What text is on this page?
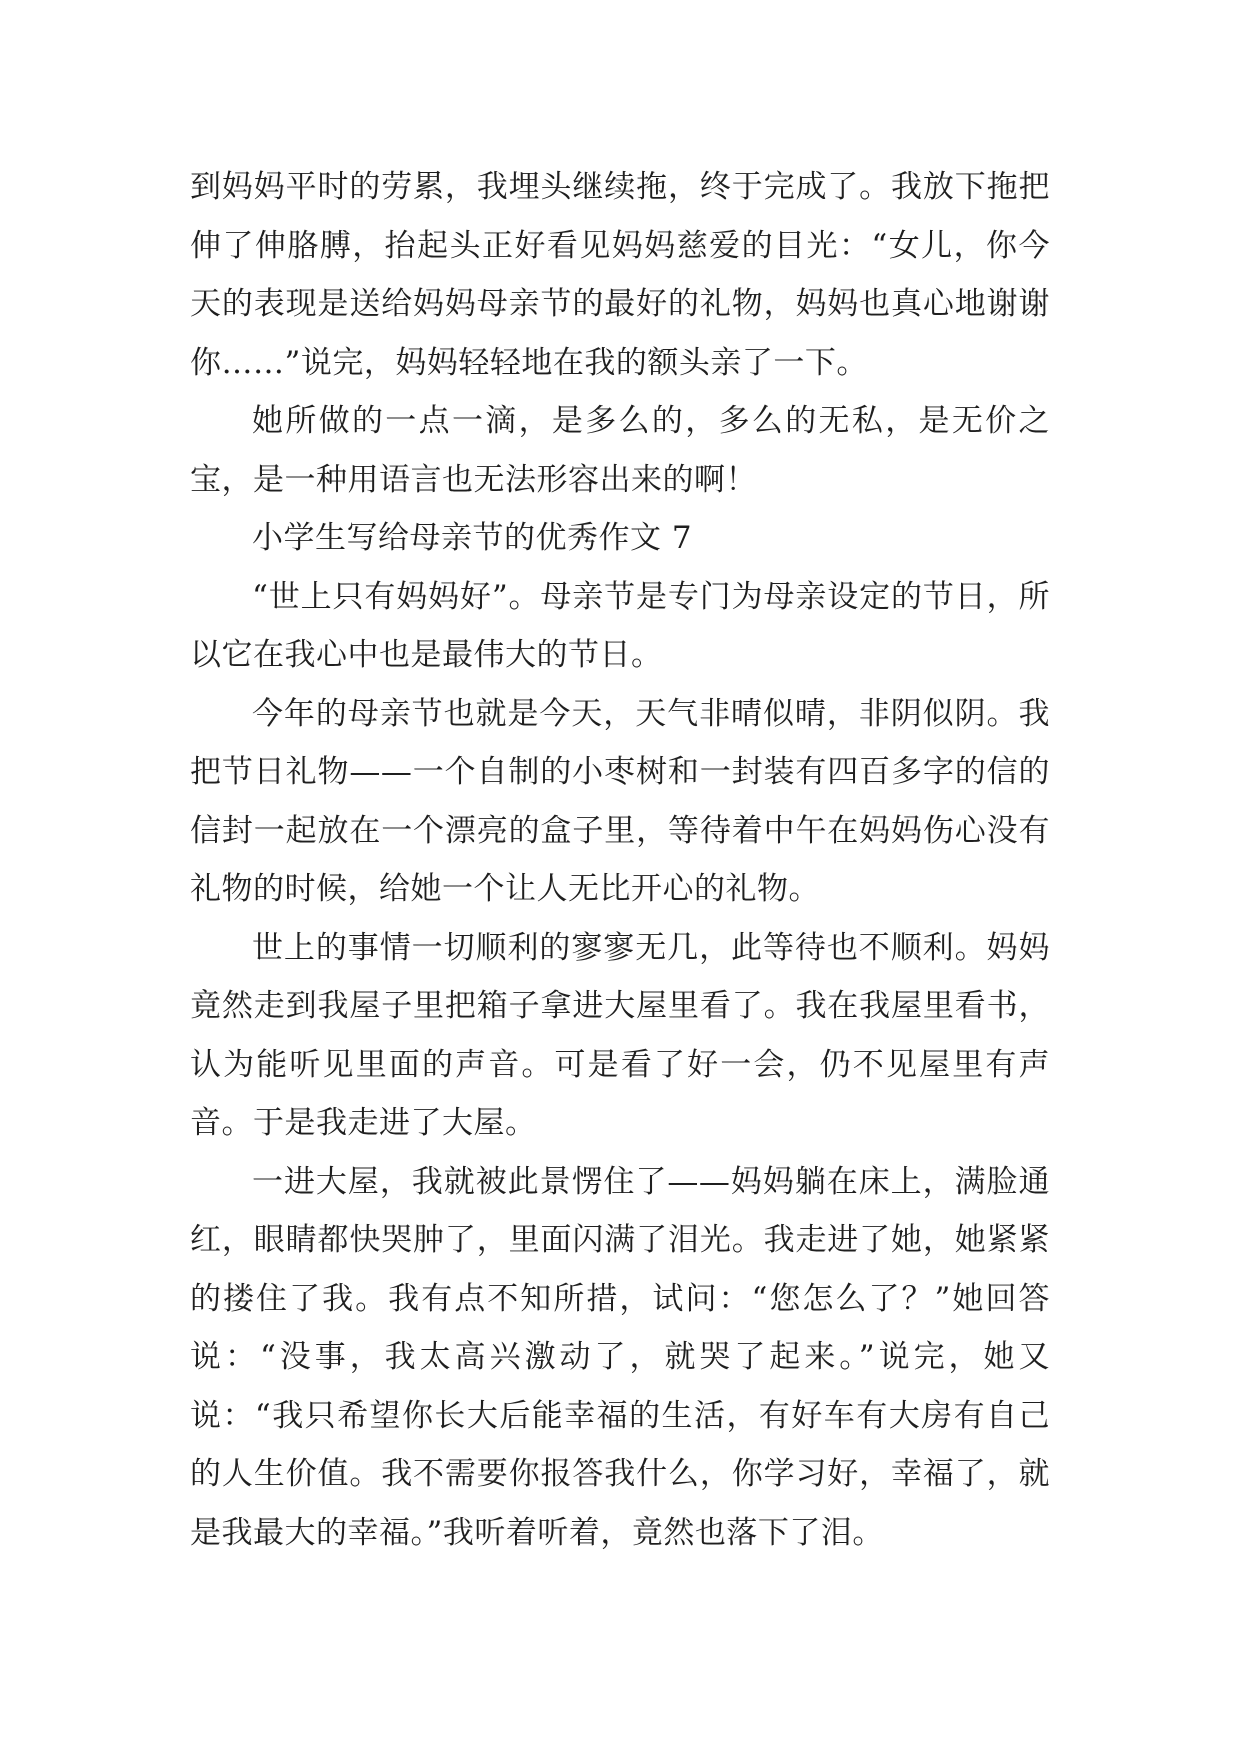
到妈妈平时的劳累，我埋头继续拖，终于完成了。我放下拖把伸了伸胳膊，抬起头正好看见妈妈慈爱的目光：“女儿，你今天的表现是送给妈妈母亲节的最好的礼物，妈妈也真心地谢谢你……”说完，妈妈轻轻地在我的额头亲了一下。

她所做的一点一滴，是多么的，多么的无私，是无价之宝，是一种用语言也无法形容出来的啊！

小学生写给母亲节的优秀作文 7

“世上只有妈妈好”。母亲节是专门为母亲设定的节日，所以它在我心中也是最伟大的节日。

今年的母亲节也就是今天，天气非晴似晴，非阴似阴。我把节日礼物——一个自制的小枣树和一封装有四百多字的信的信封一起放在一个漂亮的盒子里，等待着中午在妈妈伤心没有礼物的时候，给她一个让人无比开心的礼物。

世上的事情一切顺利的寥寥无几，此等待也不顺利。妈妈竟然走到我屋子里把箱子拿进大屋里看了。我在我屋里看书，认为能听见里面的声音。可是看了好一会，仍不见屋里有声音。于是我走进了大屋。

一进大屋，我就被此景愣住了——妈妈躺在床上，满脸通红，眼睛都快哭肿了，里面闪满了泪光。我走进了她，她紧紧的搂住了我。我有点不知所措，试问：“您怎么了？”她回答说：“没事，我太高兴激动了，就哭了起来。”说完，她又说：“我只希望你长大后能幸福的生活，有好车有大房有自己的人生价值。我不需要你报答我什么，你学习好，幸福了，就是我最大的幸福。”我听着听着，竟然也落下了泪。
